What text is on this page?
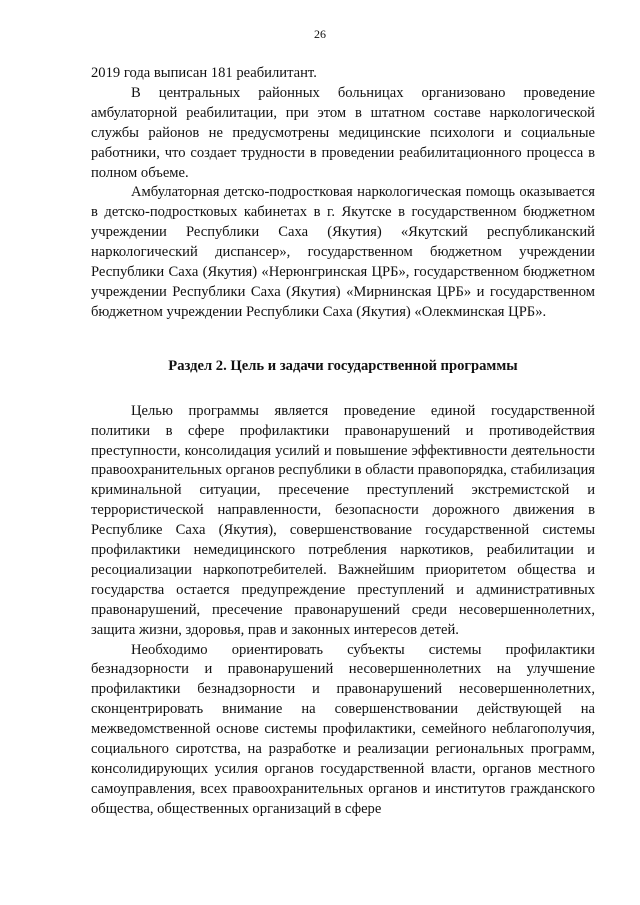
26

2019 года выписан 181 реабилитант.

В центральных районных больницах организовано проведение амбулаторной реабилитации, при этом в штатном составе наркологической службы районов не предусмотрены медицинские психологи и социальные работники, что создает трудности в проведении реабилитационного процесса в полном объеме.

Амбулаторная детско-подростковая наркологическая помощь оказывается в детско-подростковых кабинетах в г. Якутске в государственном бюджетном учреждении Республики Саха (Якутия) «Якутский республиканский наркологический диспансер», государственном бюджетном учреждении Республики Саха (Якутия) «Нерюнгринская ЦРБ», государственном бюджетном учреждении Республики Саха (Якутия) «Мирнинская ЦРБ» и государственном бюджетном учреждении Республики Саха (Якутия) «Олекминская ЦРБ».

Раздел 2. Цель и задачи государственной программы

Целью программы является проведение единой государственной политики в сфере профилактики правонарушений и противодействия преступности, консолидация усилий и повышение эффективности деятельности правоохранительных органов республики в области правопорядка, стабилизация криминальной ситуации, пресечение преступлений экстремистской и террористической направленности, безопасности дорожного движения в Республике Саха (Якутия), совершенствование государственной системы профилактики немедицинского потребления наркотиков, реабилитации и ресоциализации наркопотребителей. Важнейшим приоритетом общества и государства остается предупреждение преступлений и административных правонарушений, пресечение правонарушений среди несовершеннолетних, защита жизни, здоровья, прав и законных интересов детей.

Необходимо ориентировать субъекты системы профилактики безнадзорности и правонарушений несовершеннолетних на улучшение профилактики безнадзорности и правонарушений несовершеннолетних, сконцентрировать внимание на совершенствовании действующей на межведомственной основе системы профилактики, семейного неблагополучия, социального сиротства, на разработке и реализации региональных программ, консолидирующих усилия органов государственной власти, органов местного самоуправления, всех правоохранительных органов и институтов гражданского общества, общественных организаций в сфере
